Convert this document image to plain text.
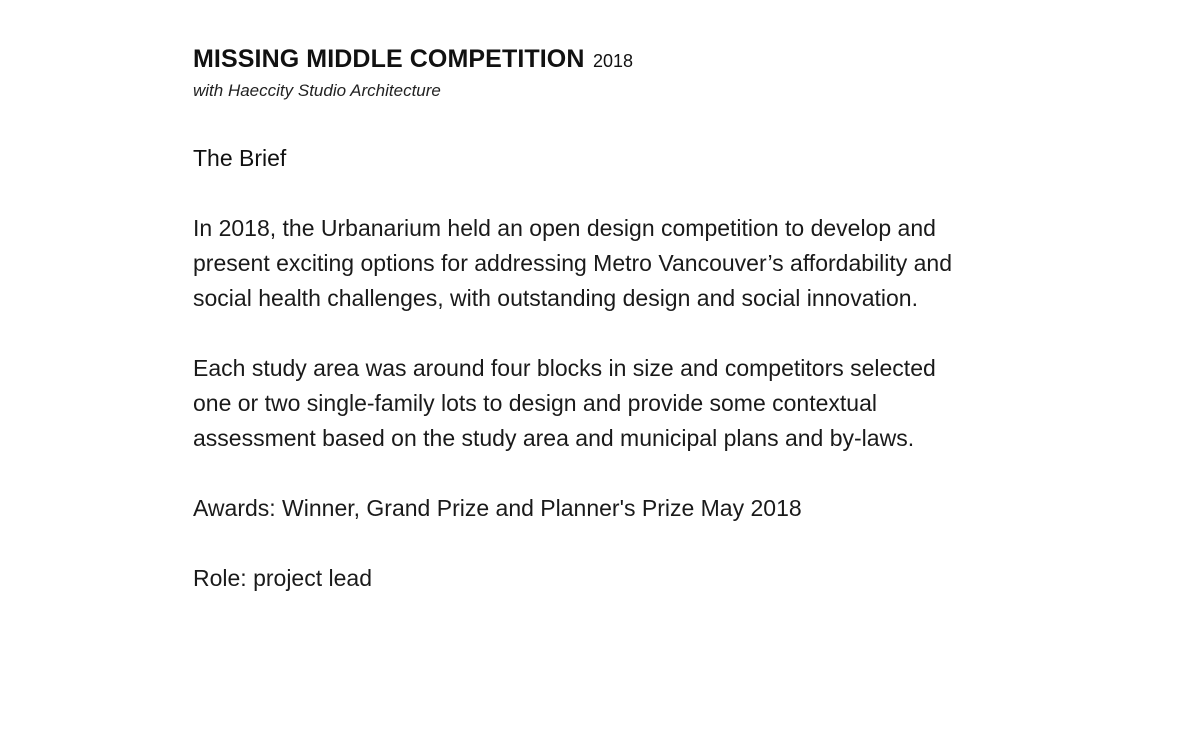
MISSING MIDDLE COMPETITION 2018

with Haeccity Studio Architecture

The Brief

In 2018, the Urbanarium held an open design competition to develop and present exciting options for addressing Metro Vancouver’s affordability and social health challenges, with outstanding design and social innovation.

Each study area was around four blocks in size and competitors selected one or two single-family lots to design and provide some contextual assessment based on the study area and municipal plans and by-laws.

Awards: Winner, Grand Prize and Planner's Prize May 2018

Role: project lead
